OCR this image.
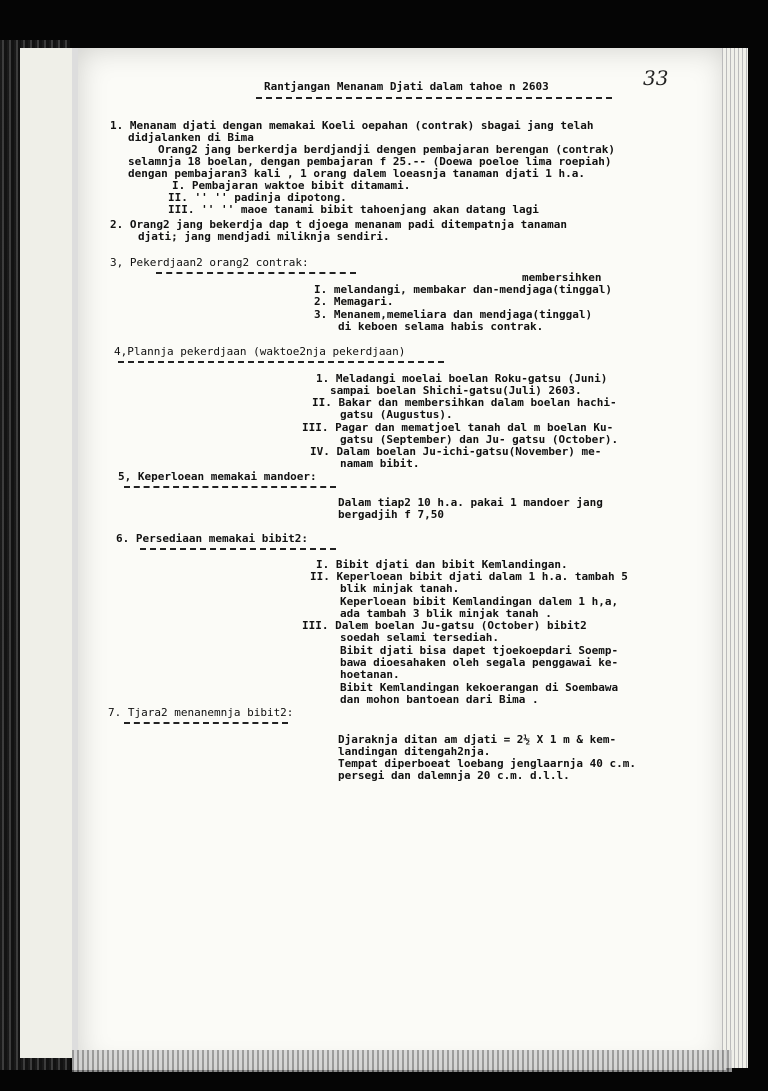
33
Rantjangan Menanam Djati dalam tahoe n 2603
1. Menanam djati dengan memakai Koeli oepahan (contrak) sbagai jang telah
didjalanken di Bima
Orang2 jang berkerdja berdjandji dengen pembajaran berengan (contrak)
selamnja 18 boelan, dengan pembajaran f 25.-- (Doewa poeloe lima roepiah)
dengan pembajaran3 kali , 1 orang dalem loeasnja tanaman djati 1 h.a.
I. Pembajaran waktoe bibit ditamami.
II. '' '' padinja dipotong.
III. '' '' maoe tanami bibit tahoenjang akan datang lagi
2. Orang2 jang bekerdja dap t djoega menanam padi ditempatnja tanaman
djati; jang mendjadi miliknja sendiri.
3, Pekerdjaan2 orang2 contrak:
membersihken
I. melandangi, membakar dan-mendjaga(tinggal)
2. Memagari.
3. Menanem,memeliara dan mendjaga(tinggal)
di keboen selama habis contrak.
4,Plannja pekerdjaan (waktoe2nja pekerdjaan)
1. Meladangi moelai boelan Roku-gatsu (Juni)
sampai boelan Shichi-gatsu(Juli) 2603.
II. Bakar dan membersihkan dalam boelan hachi-
gatsu (Augustus).
III. Pagar dan mematjoel tanah dal m boelan Ku-
gatsu (September) dan Ju- gatsu (October).
IV. Dalam boelan Ju-ichi-gatsu(November) me-
namam bibit.
5, Keperloean memakai mandoer:
Dalam tiap2 10 h.a. pakai 1 mandoer jang
bergadjih f 7,50
6. Persediaan memakai bibit2:
I. Bibit djati dan bibit Kemlandingan.
II. Keperloean bibit djati dalam 1 h.a. tambah 5
blik minjak tanah.
Keperloean bibit Kemlandingan dalem 1 h,a,
ada tambah 3 blik minjak tanah .
III. Dalem boelan Ju-gatsu (October) bibit2
soedah selami tersediah.
Bibit djati bisa dapet tjoekoepdari Soemp-
bawa dioesahaken oleh segala penggawai ke-
hoetanan.
Bibit Kemlandingan kekoerangan di Soembawa
dan mohon bantoean dari Bima .
7. Tjara2 menanemnja bibit2:
Djaraknja ditan am djati = 2½ X 1 m & kem-
landingan ditengah2nja.
Tempat diperboeat loebang jenglaarnja 40 c.m.
persegi dan dalemnja 20 c.m. d.l.l.
